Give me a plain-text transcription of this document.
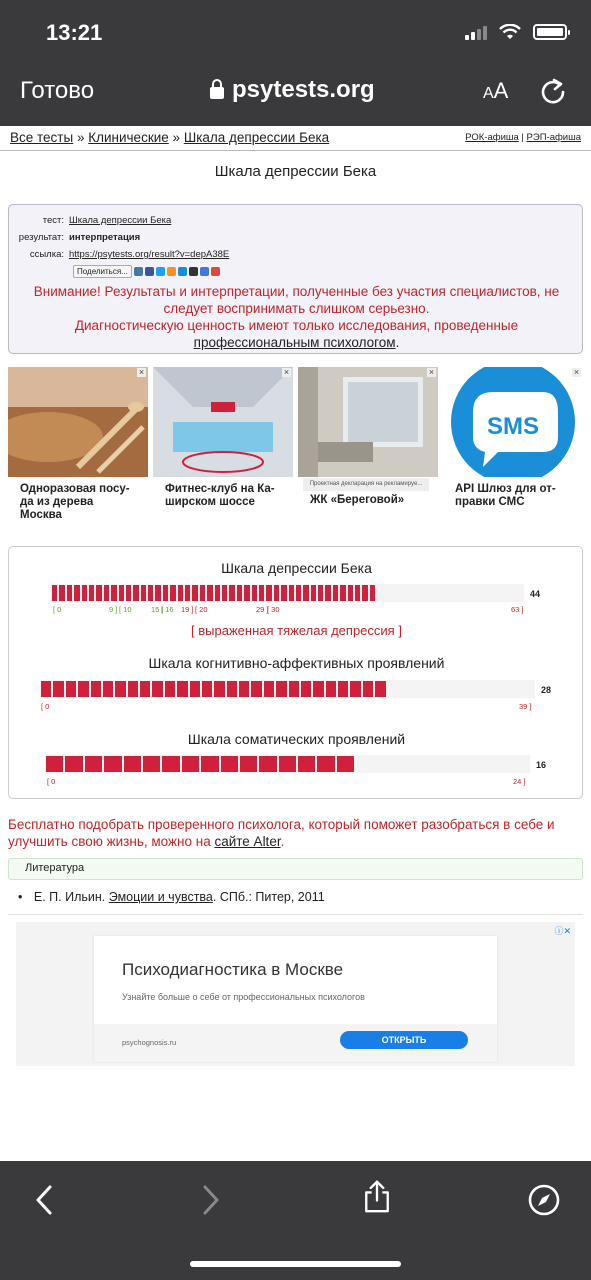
13:21
Готово	psytests.org	AA
Все тесты » Клинические » Шкала депрессии Бека	РОК-афиша | РЭП-афиша
Шкала депрессии Бека
тест: Шкала депрессии Бека
результат: интерпретация
ссылка: https://psytests.org/result?v=depA38E
Поделиться...
Внимание! Результаты и интерпретации, полученные без участия специалистов, не
следует воспринимать слишком серьезно.
Диагностическую ценность имеют только исследования, проведенные
профессиональным психологом.
×
Одноразовая посу-
да из дерева
Москва
×
Фитнес-клуб на Ка-
ширском шоссе
×
Проектная декларация на рекламируе...
ЖК «Береговой»
SMS
×
API Шлюз для от-
правки СМС
Шкала депрессии Бека
44
[ 0	9 ] [ 10	15 ]
[ 16 19 ] [ 20	29 ]
[ 30	63 ]
[ выраженная тяжелая депрессия ]
Шкала когнитивно-аффективных проявлений
28
[ 0	39 ]
Шкала соматических проявлений
16
[ 0	24 ]
Бесплатно подобрать проверенного психолога, который поможет разобраться в себе и улучшить свою жизнь, можно на сайте Alter.
Литература
• Е. П. Ильин. Эмоции и чувства. СПб.: Питер, 2011
ⓘ✕
Психодиагностика в Москве
Узнайте больше о себе от профессиональных психологов
psychognosis.ru	ОТКРЫТЬ
